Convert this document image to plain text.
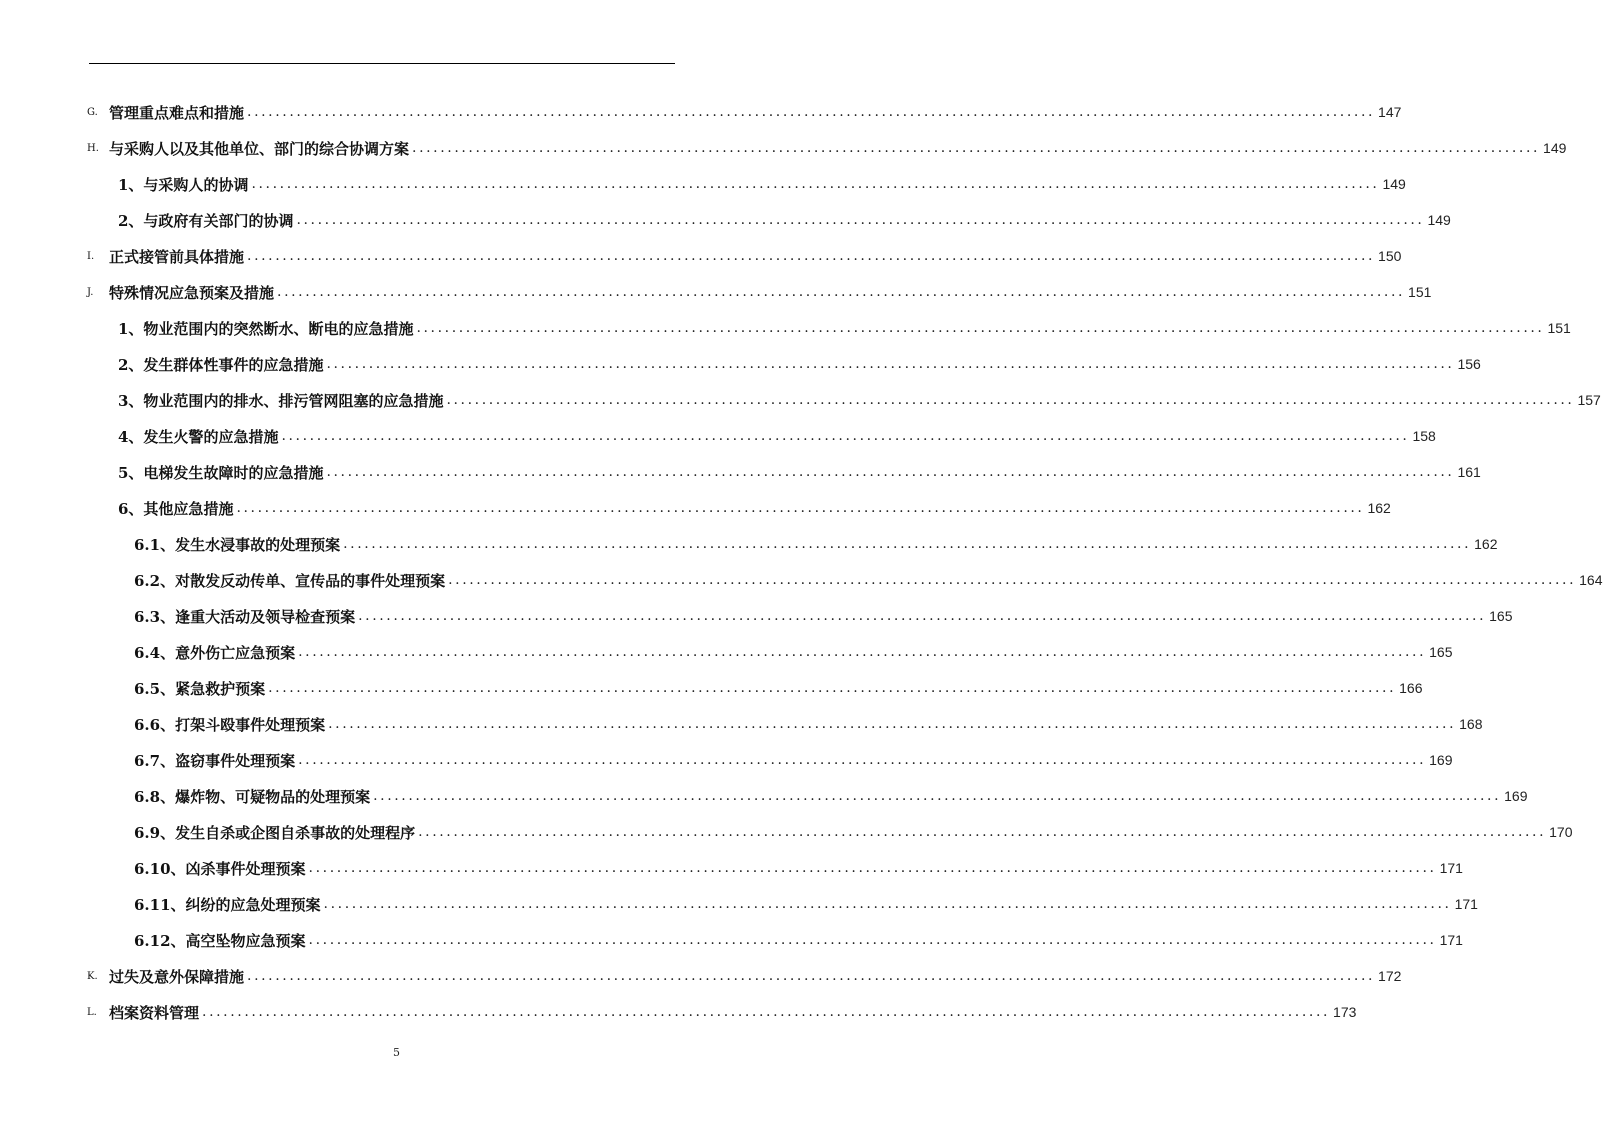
G. 管理重点难点和措施 ................................................................................................................................................................ 147
H. 与采购人以及其他单位、部门的综合协调方案 ................................................................................................................................................................ 149
1、与采购人的协调 ................................................................................................................................................................ 149
2、与政府有关部门的协调 ................................................................................................................................................................ 149
I. 正式接管前具体措施 ................................................................................................................................................................ 150
J.	特殊情况应急预案及措施 ................................................................................................................................................................ 151
1、物业范围内的突然断水、断电的应急措施 ................................................................................................................................................................ 151
2、发生群体性事件的应急措施 ................................................................................................................................................................ 156
3、物业范围内的排水、排污管网阻塞的应急措施 ................................................................................................................................................................ 157
4、发生火警的应急措施 ................................................................................................................................................................ 158
5、电梯发生故障时的应急措施 ................................................................................................................................................................ 161
6、其他应急措施 ................................................................................................................................................................ 162
6.1、发生水浸事故的处理预案 ................................................................................................................................................................ 162
6.2、对散发反动传单、宣传品的事件处理预案 ................................................................................................................................................................ 164
6.3、逢重大活动及领导检查预案 ................................................................................................................................................................ 165
6.4、意外伤亡应急预案 ................................................................................................................................................................ 165
6.5、紧急救护预案 ................................................................................................................................................................ 166
6.6、打架斗殴事件处理预案 ................................................................................................................................................................ 168
6.7、盗窃事件处理预案 ................................................................................................................................................................ 169
6.8、爆炸物、可疑物品的处理预案 ................................................................................................................................................................ 169
6.9、发生自杀或企图自杀事故的处理程序 ................................................................................................................................................................ 170
6.10、凶杀事件处理预案 ................................................................................................................................................................ 171
6.11、纠纷的应急处理预案 ................................................................................................................................................................ 171
6.12、高空坠物应急预案 ................................................................................................................................................................ 171
K. 过失及意外保障措施 ................................................................................................................................................................ 172
L. 档案资料管理 ................................................................................................................................................................ 173
5
